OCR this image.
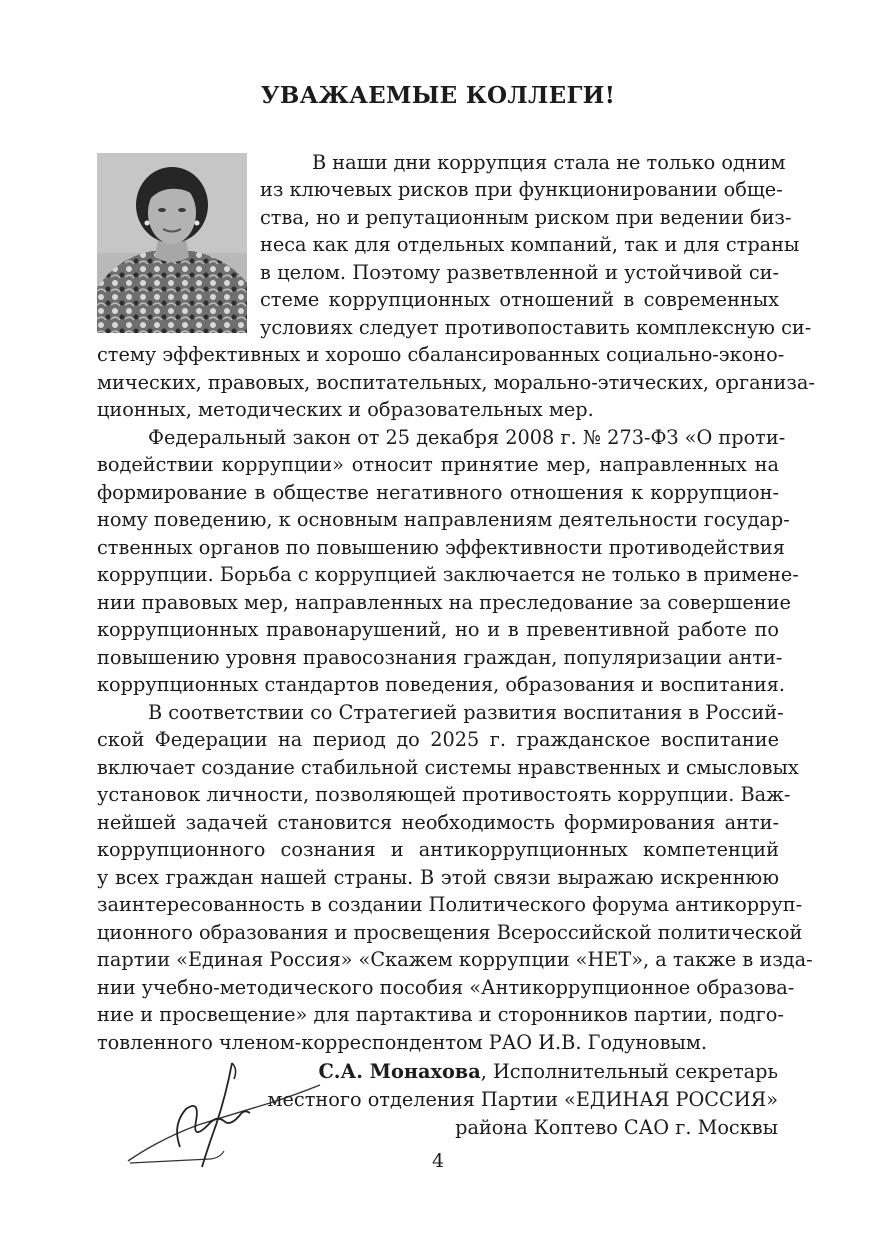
УВАЖАЕМЫЕ КОЛЛЕГИ!
В наши дни коррупция стала не только одним
из ключевых рисков при функционировании обще-
ства, но и репутационным риском при ведении биз-
неса как для отдельных компаний, так и для страны
в целом. Поэтому разветвленной и устойчивой си-
стеме коррупционных отношений в современных
условиях следует противопоставить комплексную си-
стему эффективных и хорошо сбалансированных социально-эконо-
мических, правовых, воспитательных, морально-этических, организа-
ционных, методических и образовательных мер.
Федеральный закон от 25 декабря 2008 г. № 273-ФЗ «О проти-
водействии коррупции» относит принятие мер, направленных на
формирование в обществе негативного отношения к коррупцион-
ному поведению, к основным направлениям деятельности государ-
ственных органов по повышению эффективности противодействия
коррупции. Борьба с коррупцией заключается не только в примене-
нии правовых мер, направленных на преследование за совершение
коррупционных правонарушений, но и в превентивной работе по
повышению уровня правосознания граждан, популяризации анти-
коррупционных стандартов поведения, образования и воспитания.
В соответствии со Стратегией развития воспитания в Россий-
ской Федерации на период до 2025 г. гражданское воспитание
включает создание стабильной системы нравственных и смысловых
установок личности, позволяющей противостоять коррупции. Важ-
нейшей задачей становится необходимость формирования анти-
коррупционного сознания и антикоррупционных компетенций
у всех граждан нашей страны. В этой связи выражаю искреннюю
заинтересованность в создании Политического форума антикорруп-
ционного образования и просвещения Всероссийской политической
партии «Единая Россия» «Скажем коррупции «НЕТ», а также в изда-
нии учебно-методического пособия «Антикоррупционное образова-
ние и просвещение» для партактива и сторонников партии, подго-
товленного членом-корреспондентом РАО И.В. Годуновым.
С.А. Монахова, Исполнительный секретарь
местного отделения Партии «ЕДИНАЯ РОССИЯ»
района Коптево САО г. Москвы
4
